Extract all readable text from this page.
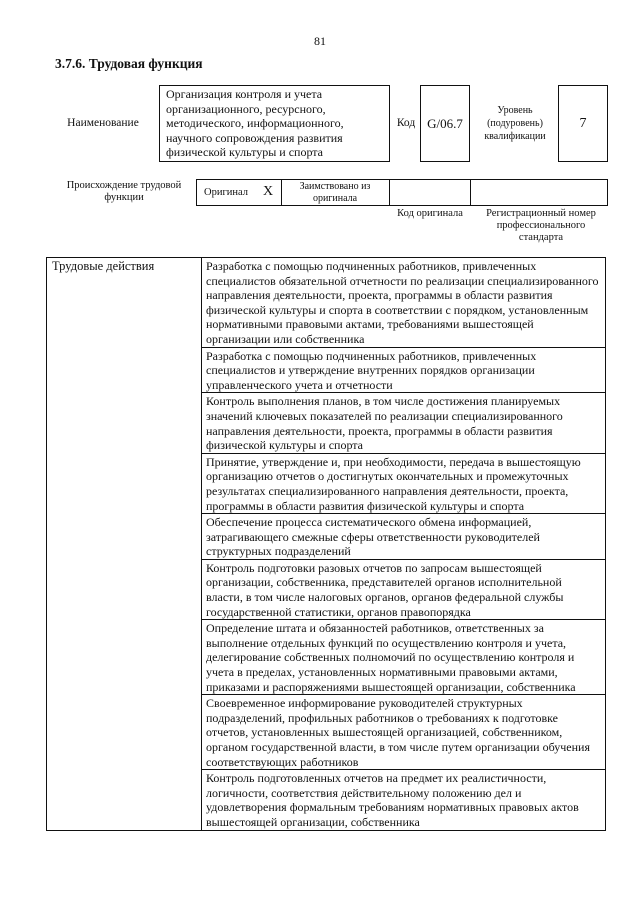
81
3.7.6. Трудовая функция
Наименование
Организация контроля и учета организационного, ресурсного, методического, информационного, научного сопровождения развития физической культуры и спорта
Код G/06.7
Уровень (подуровень) квалификации
7
Происхождение трудовой функции	Оригинал X	Заимствовано из оригинала
Код оригинала	Регистрационный номер профессионального стандарта
Трудовые действия	Разработка с помощью подчиненных работников, привлеченных специалистов обязательной отчетности по реализации специализированного направления деятельности, проекта, программы в области развития физической культуры и спорта в соответствии с порядком, установленным нормативными правовыми актами, требованиями вышестоящей организации или собственника
Разработка с помощью подчиненных работников, привлеченных специалистов и утверждение внутренних порядков организации управленческого учета и отчетности
Контроль выполнения планов, в том числе достижения планируемых значений ключевых показателей по реализации специализированного направления деятельности, проекта, программы в области развития физической культуры и спорта
Принятие, утверждение и, при необходимости, передача в вышестоящую организацию отчетов о достигнутых окончательных и промежуточных результатах специализированного направления деятельности, проекта, программы в области развития физической культуры и спорта
Обеспечение процесса систематического обмена информацией, затрагивающего смежные сферы ответственности руководителей структурных подразделений
Контроль подготовки разовых отчетов по запросам вышестоящей организации, собственника, представителей органов исполнительной власти, в том числе налоговых органов, органов федеральной службы государственной статистики, органов правопорядка
Определение штата и обязанностей работников, ответственных за выполнение отдельных функций по осуществлению контроля и учета, делегирование собственных полномочий по осуществлению контроля и учета в пределах, установленных нормативными правовыми актами, приказами и распоряжениями вышестоящей организации, собственника
Своевременное информирование руководителей структурных подразделений, профильных работников о требованиях к подготовке отчетов, установленных вышестоящей организацией, собственником, органом государственной власти, в том числе путем организации обучения соответствующих работников
Контроль подготовленных отчетов на предмет их реалистичности, логичности, соответствия действительному положению дел и удовлетворения формальным требованиям нормативных правовых актов вышестоящей организации, собственника
